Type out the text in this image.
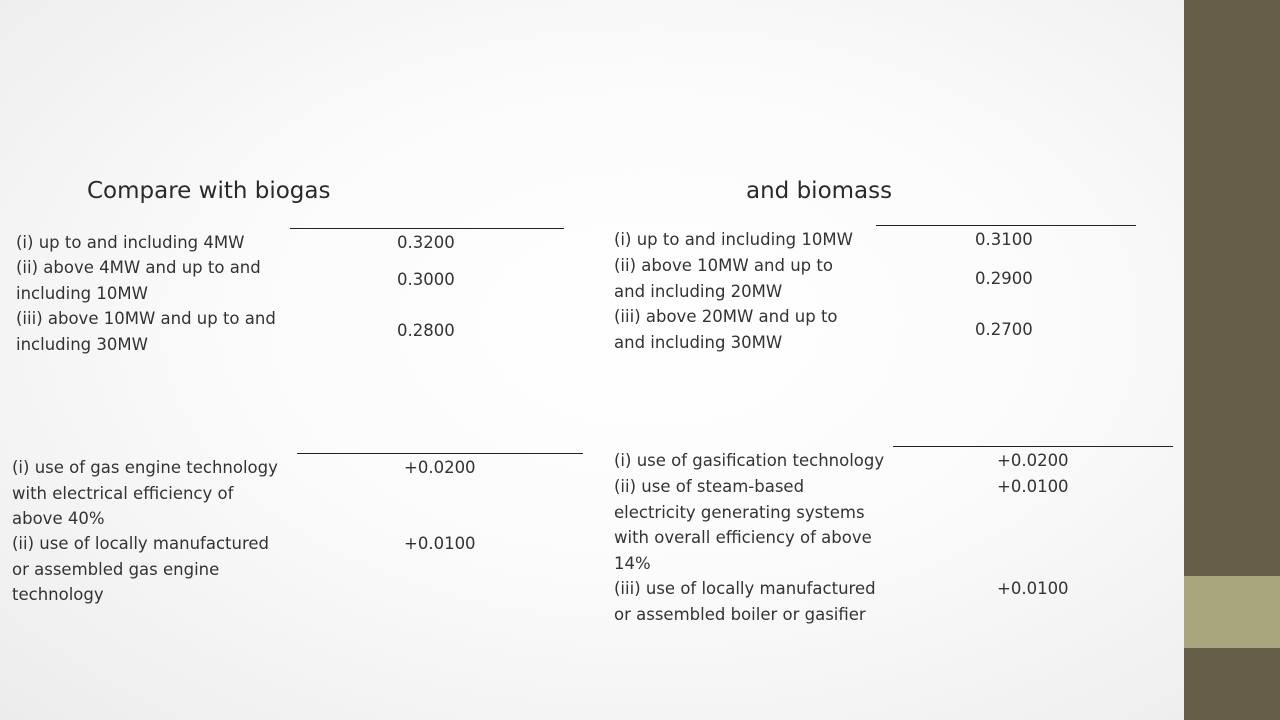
Compare with biogas	and biomass
(i) up to and including 4MW	0.3200
(ii) above 4MW and up to and
including 10MW
0.3000
(iii) above 10MW and up to and
including 30MW
0.2800
(i) up to and including 10MW	0.3100
(ii) above 10MW and up to
and including 20MW
0.2900
(iii) above 20MW and up to
and including 30MW
0.2700
(i) use of gas engine technology
with electrical efficiency of
above 40%
+0.0200
(ii) use of locally manufactured
or assembled gas engine
technology
+0.0100
(i) use of gasification technology	+0.0200
(ii) use of steam-based
electricity generating systems
with overall efficiency of above
14%
+0.0100
(iii) use of locally manufactured
or assembled boiler or gasifier
+0.0100
